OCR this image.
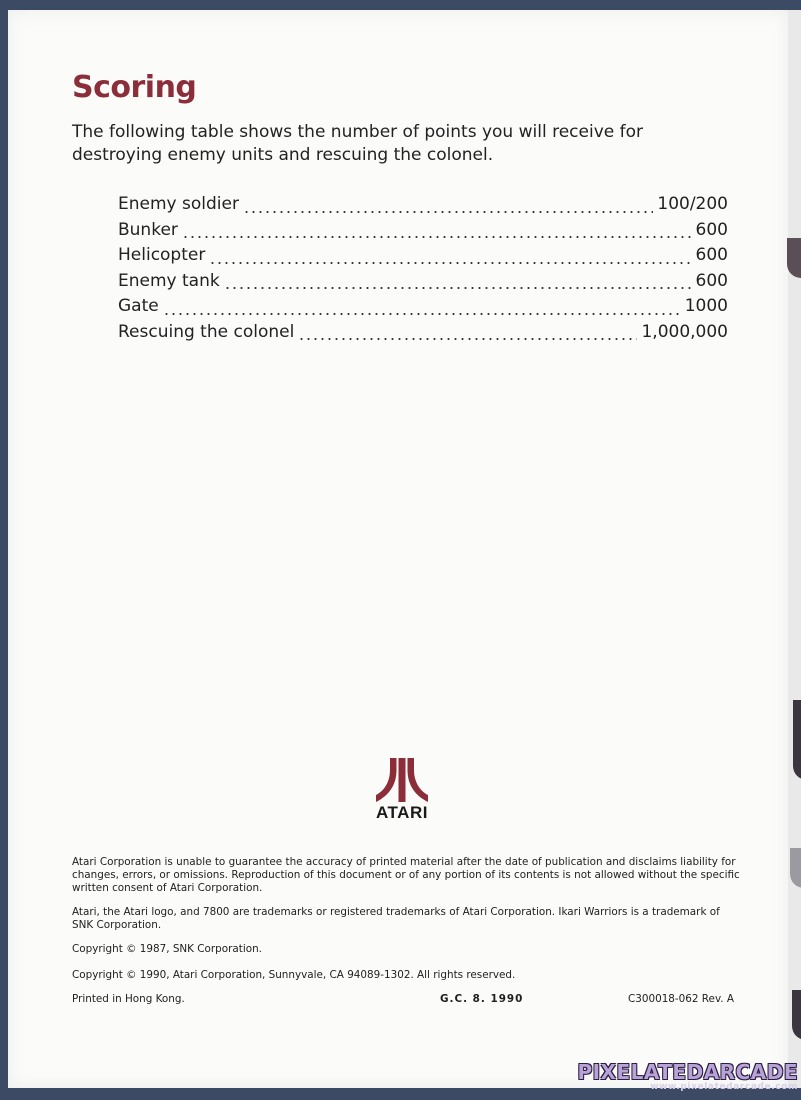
Scoring

The following table shows the number of points you will receive for destroying enemy units and rescuing the colonel.

Enemy soldier	100/200
Bunker	600
Helicopter	600
Enemy tank	600
Gate	1000
Rescuing the colonel	1,000,000
ATARI

Atari Corporation is unable to guarantee the accuracy of printed material after the date of publication and disclaims liability for changes, errors, or omissions. Reproduction of this document or of any portion of its contents is not allowed without the specific written consent of Atari Corporation.

Atari, the Atari logo, and 7800 are trademarks or registered trademarks of Atari Corporation. Ikari Warriors is a trademark of SNK Corporation.

Copyright © 1987, SNK Corporation.

Copyright © 1990, Atari Corporation, Sunnyvale, CA 94089-1302. All rights reserved.

Printed in Hong Kong.	G.C. 8. 1990	C300018-062 Rev. A

PIXELATEDARCADE
www.pixelatedarcade.com
